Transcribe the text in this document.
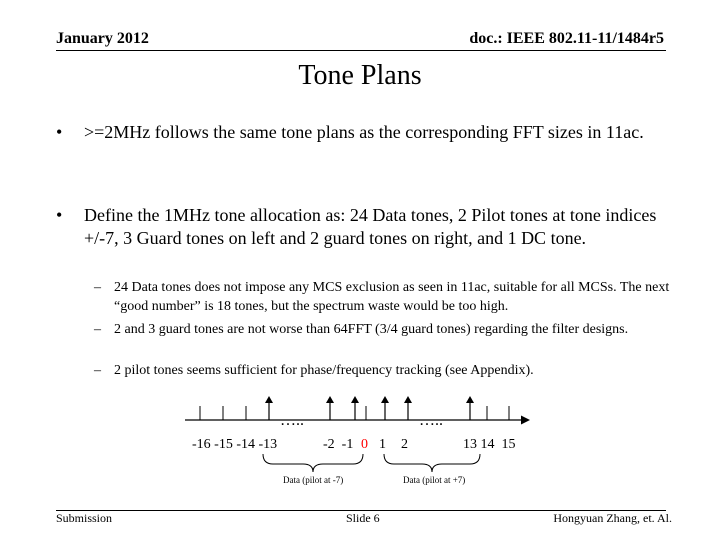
January 2012	doc.: IEEE 802.11-11/1484r5
Tone Plans
• >=2MHz follows the same tone plans as the corresponding FFT sizes in 11ac.
• Define the 1MHz tone allocation as: 24 Data tones, 2 Pilot tones at tone indices +/-7, 3 Guard tones on left and 2 guard tones on right, and 1 DC tone.
– 24 Data tones does not impose any MCS exclusion as seen in 11ac, suitable for all MCSs. The next “good number” is 18 tones, but the spectrum waste would be too high.
– 2 and 3 guard tones are not worse than 64FFT (3/4 guard tones) regarding the filter designs.
– 2 pilot tones seems sufficient for phase/frequency tracking (see Appendix).
…..	…..
-16 -15 -14 -13	-2  -1 0 1 2	13 14  15
Data (pilot at -7)	Data (pilot at +7)
Submission	Slide 6	Hongyuan Zhang, et. Al.
